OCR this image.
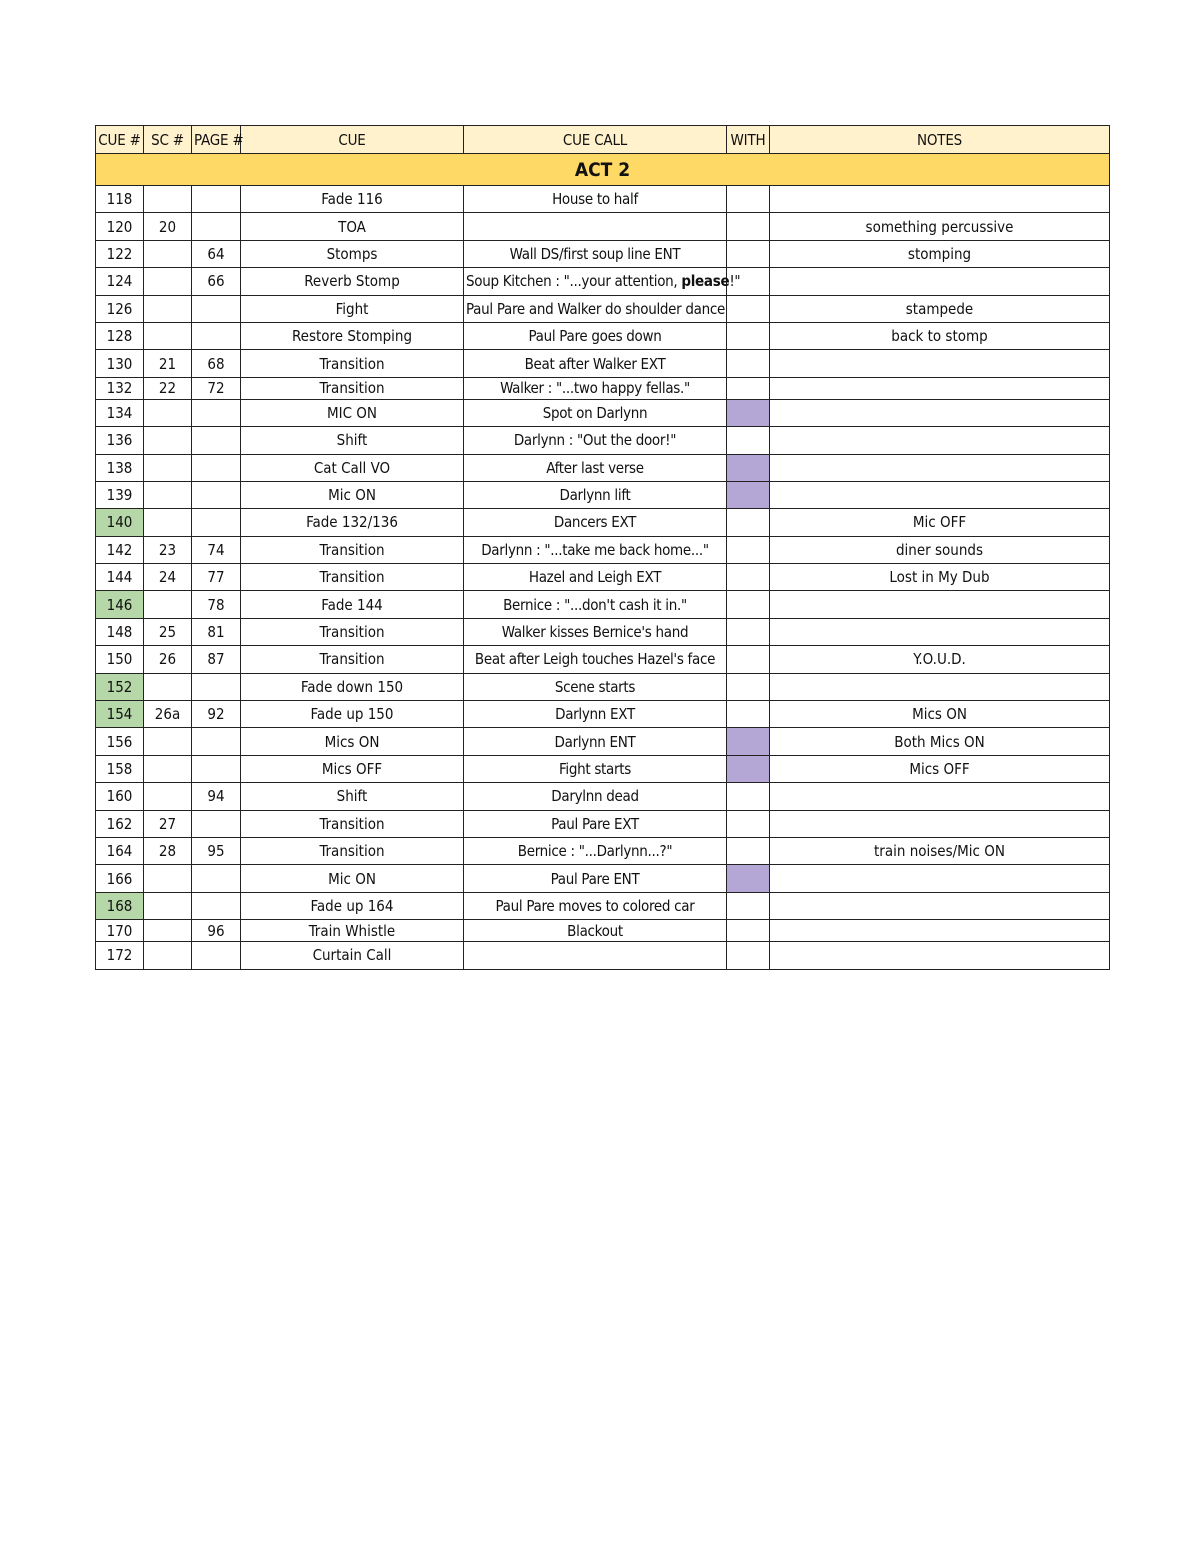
CUE #	SC #	PAGE #	CUE	CUE CALL	WITH	NOTES
ACT 2						
118			Fade 116	House to half		
120	20		TOA			something percussive
122		64	Stomps	Wall DS/first soup line ENT		stomping
124		66	Reverb Stomp	Soup Kitchen : "...your attention, please!"		
126			Fight	Paul Pare and Walker do shoulder dance		stampede
128			Restore Stomping	Paul Pare goes down		back to stomp
130	21	68	Transition	Beat after Walker EXT		
132	22	72	Transition	Walker : "...two happy fellas."		
134			MIC ON	Spot on Darlynn		
136			Shift	Darlynn : "Out the door!"		
138			Cat Call VO	After last verse		
139			Mic ON	Darlynn lift		
140			Fade 132/136	Dancers EXT		Mic OFF
142	23	74	Transition	Darlynn : "...take me back home..."		diner sounds
144	24	77	Transition	Hazel and Leigh EXT		Lost in My Dub
146		78	Fade 144	Bernice : "...don't cash it in."		
148	25	81	Transition	Walker kisses Bernice's hand		
150	26	87	Transition	Beat after Leigh touches Hazel's face		Y.O.U.D.
152			Fade down 150	Scene starts		
154	26a	92	Fade up 150	Darlynn EXT		Mics ON
156			Mics ON	Darlynn ENT		Both Mics ON
158			Mics OFF	Fight starts		Mics OFF
160		94	Shift	Darylnn dead		
162	27		Transition	Paul Pare EXT		
164	28	95	Transition	Bernice : "...Darlynn...?"		train noises/Mic ON
166			Mic ON	Paul Pare ENT		
168			Fade up 164	Paul Pare moves to colored car		
170		96	Train Whistle	Blackout		
172			Curtain Call			
